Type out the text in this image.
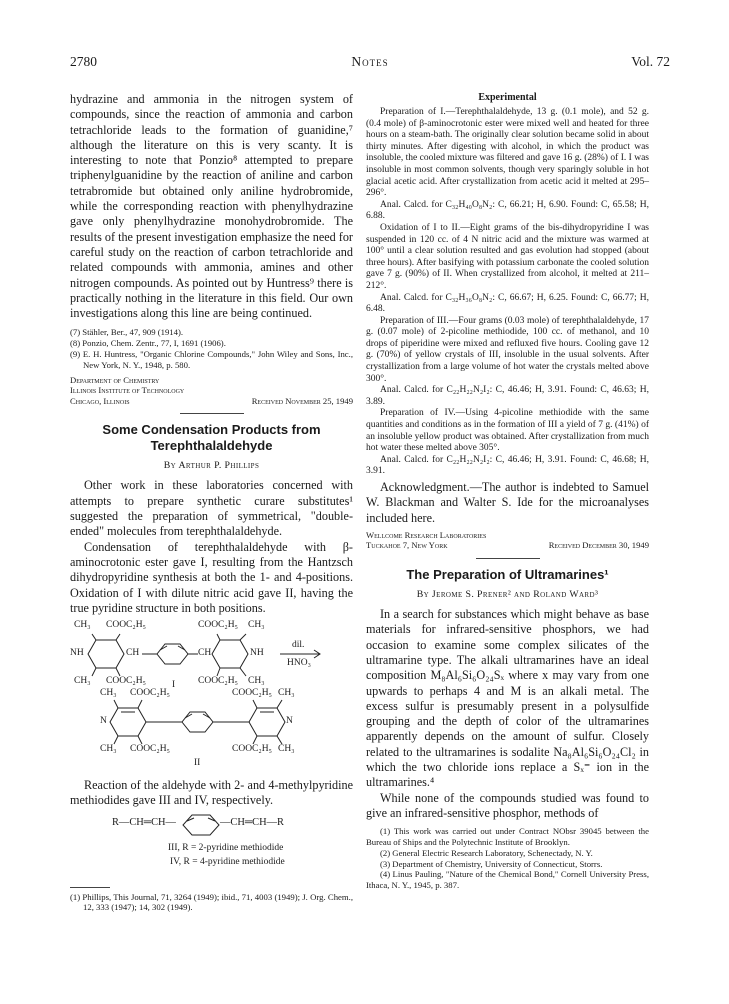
2780	Notes	Vol. 72

hydrazine and ammonia in the nitrogen system of compounds, since the reaction of ammonia and carbon tetrachloride leads to the formation of guanidine,⁷ although the literature on this is very scanty. It is interesting to note that Ponzio⁸ attempted to prepare triphenylguanidine by the reaction of aniline and carbon tetrabromide but obtained only aniline hydrobromide, while the corresponding reaction with phenylhydrazine gave only phenylhydrazine monohydrobromide. The results of the present investigation emphasize the need for careful study on the reaction of carbon tetrachloride and related compounds with ammonia, amines and other nitrogen compounds. As pointed out by Huntress⁹ there is practically nothing in the literature in this field. Our own investigations along this line are being continued.

(7) Stähler, Ber., 47, 909 (1914).

(8) Ponzio, Chem. Zentr., 77, I, 1691 (1906).

(9) E. H. Huntress, "Organic Chlorine Compounds," John Wiley and Sons, Inc., New York, N. Y., 1948, p. 580.

Department of Chemistry
Illinois Institute of Technology
Chicago, Illinois	Received November 25, 1949
Some Condensation Products from Terephthalaldehyde
By Arthur P. Phillips

Other work in these laboratories concerned with attempts to prepare synthetic curare substitutes¹ suggested the preparation of symmetrical, "double-ended" molecules from terephthalaldehyde.

Condensation of terephthalaldehyde with β-aminocrotonic ester gave I, resulting from the Hantzsch dihydropyridine synthesis at both the 1- and 4-positions. Oxidation of I with dilute nitric acid gave II, having the true pyridine structure in both positions.

CH₃ COOC₂H₅	COOC₂H₅ CH₃
NH	CH	CH	NH
CH₃ COOC₂H₅	COOC₂H₅ CH₃
I
dil.
HNO₃
CH₃ COOC₂H₅	COOC₂H₅ CH₃
N	N
CH₃ COOC₂H₅	COOC₂H₅ CH₃
II

Reaction of the aldehyde with 2- and 4-methylpyridine methiodides gave III and IV, respectively.

R—CH═CH—	—CH═CH—R
III, R = 2-pyridine methiodide
IV, R = 4-pyridine methiodide

(1) Phillips, This Journal, 71, 3264 (1949); ibid., 71, 4003 (1949); J. Org. Chem., 12, 333 (1947); 14, 302 (1949).

Experimental

Preparation of I.—Terephthalaldehyde, 13 g. (0.1 mole), and 52 g. (0.4 mole) of β-aminocrotonic ester were mixed well and heated for three hours on a steam-bath. The originally clear solution became solid in about thirty minutes. After digesting with alcohol, in which the product was insoluble, the cooled mixture was filtered and gave 16 g. (28%) of I. I was insoluble in most common solvents, though very sparingly soluble in hot glacial acetic acid. After crystallization from acetic acid it melted at 295–296°.

Anal. Calcd. for C₃₂H₄₀O₈N₂: C, 66.21; H, 6.90. Found: C, 65.58; H, 6.88.

Oxidation of I to II.—Eight grams of the bis-dihydropyridine I was suspended in 120 cc. of 4 N nitric acid and the mixture was warmed at 100° until a clear solution resulted and gas evolution had stopped (about three hours). After basifying with potassium carbonate the cooled solution gave 7 g. (90%) of II. When crystallized from alcohol, it melted at 211–212°.

Anal. Calcd. for C₃₂H₃₆O₈N₂: C, 66.67; H, 6.25. Found: C, 66.77; H, 6.48.

Preparation of III.—Four grams (0.03 mole) of terephthalaldehyde, 17 g. (0.07 mole) of 2-picoline methiodide, 100 cc. of methanol, and 10 drops of piperidine were mixed and refluxed five hours. Cooling gave 12 g. (70%) of yellow crystals of III, insoluble in the usual solvents. After crystallization from a large volume of hot water the crystals melted above 300°.

Anal. Calcd. for C₂₂H₂₂N₂I₂: C, 46.46; H, 3.91. Found: C, 46.63; H, 3.89.

Preparation of IV.—Using 4-picoline methiodide with the same quantities and conditions as in the formation of III a yield of 7 g. (41%) of an insoluble yellow product was obtained. After crystallization from much hot water these melted above 305°.

Anal. Calcd. for C₂₂H₂₂N₂I₂: C, 46.46; H, 3.91. Found: C, 46.68; H, 3.91.

Acknowledgment.—The author is indebted to Samuel W. Blackman and Walter S. Ide for the microanalyses included here.

Wellcome Research Laboratories
Tuckahoe 7, New York	Received December 30, 1949
The Preparation of Ultramarines¹
By Jerome S. Prener² and Roland Ward³

In a search for substances which might behave as base materials for infrared-sensitive phosphors, we had occasion to examine some complex silicates of the ultramarine type. The alkali ultramarines have an ideal composition M₈Al₆Si₆O₂₄Sₓ where x may vary from one upwards to perhaps 4 and M is an alkali metal. The excess sulfur is presumably present in a polysulfide grouping and the depth of color of the ultramarines apparently depends on the amount of sulfur. Closely related to the ultramarines is sodalite Na₈Al₆Si₆O₂₄Cl₂ in which the two chloride ions replace a Sₓ⁼ ion in the ultramarines.⁴

While none of the compounds studied was found to give an infrared-sensitive phosphor, methods of

(1) This work was carried out under Contract NObsr 39045 between the Bureau of Ships and the Polytechnic Institute of Brooklyn.

(2) General Electric Research Laboratory, Schenectady, N. Y.

(3) Department of Chemistry, University of Connecticut, Storrs.

(4) Linus Pauling, "Nature of the Chemical Bond," Cornell University Press, Ithaca, N. Y., 1945, p. 387.
